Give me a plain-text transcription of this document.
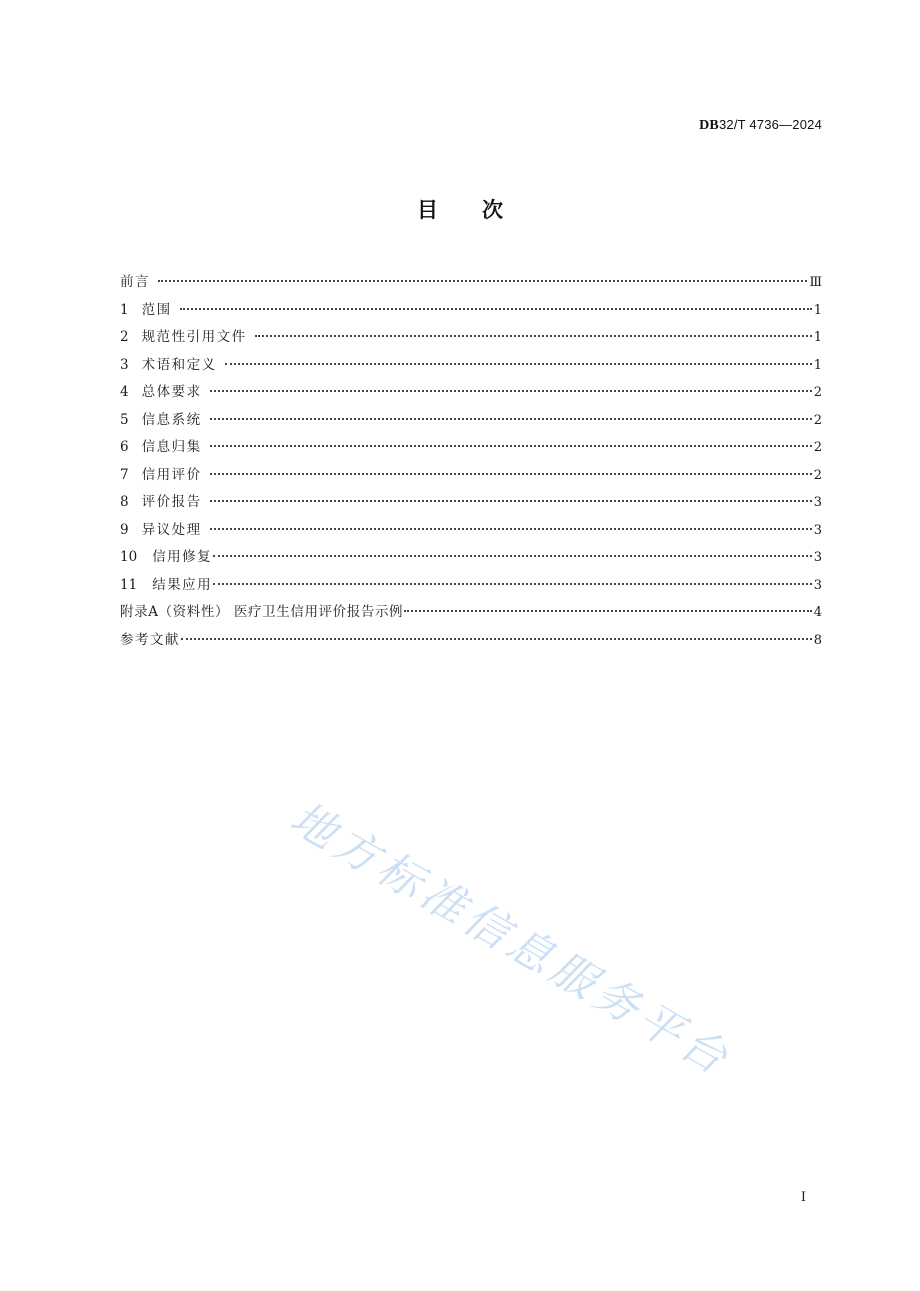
DB32/T 4736—2024
目次
前言	Ⅲ
1 范围	1
2 规范性引用文件	1
3 术语和定义	1
4 总体要求	2
5 信息系统	2
6 信息归集	2
7 信用评价	2
8 评价报告	3
9 异议处理	3
10 信用修复	3
11 结果应用	3
附录A（资料性） 医疗卫生信用评价报告示例	4
参考文献	8
地方标准信息服务平台
I
